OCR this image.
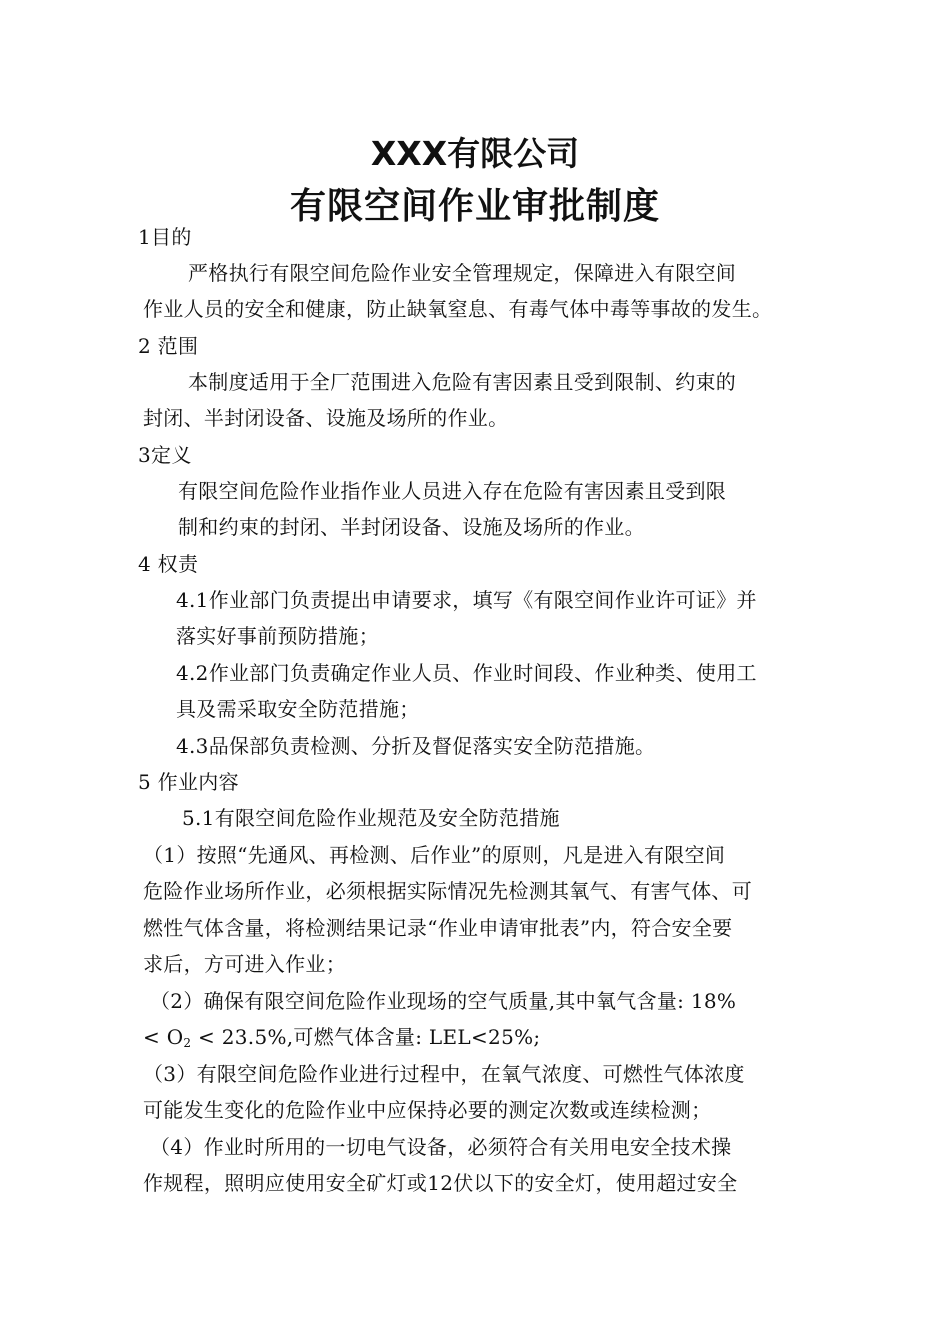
XXX有限公司
有限空间作业审批制度
1目的
严格执行有限空间危险作业安全管理规定，保障进入有限空间
作业人员的安全和健康，防止缺氧窒息、有毒气体中毒等事故的发生。
2 范围
本制度适用于全厂范围进入危险有害因素且受到限制、约束的
封闭、半封闭设备、设施及场所的作业。
3定义
有限空间危险作业指作业人员进入存在危险有害因素且受到限
制和约束的封闭、半封闭设备、设施及场所的作业。
4 权责
4.1作业部门负责提出申请要求，填写《有限空间作业许可证》并
落实好事前预防措施；
4.2作业部门负责确定作业人员、作业时间段、作业种类、使用工
具及需采取安全防范措施；
4.3品保部负责检测、分折及督促落实安全防范措施。
5 作业内容
5.1有限空间危险作业规范及安全防范措施
（1）按照“先通风、再检测、后作业”的原则，凡是进入有限空间
危险作业场所作业，必须根据实际情况先检测其氧气、有害气体、可
燃性气体含量，将检测结果记录“作业申请审批表”内，符合安全要
求后，方可进入作业；
（2）确保有限空间危险作业现场的空气质量,其中氧气含量: 18%
< $O_2 < 23.5\%$,可燃气体含量: LEL<25%;
（3）有限空间危险作业进行过程中，在氧气浓度、可燃性气体浓度
可能发生变化的危险作业中应保持必要的测定次数或连续检测；
（4）作业时所用的一切电气设备，必须符合有关用电安全技术操
作规程，照明应使用安全矿灯或12伏以下的安全灯，使用超过安全
